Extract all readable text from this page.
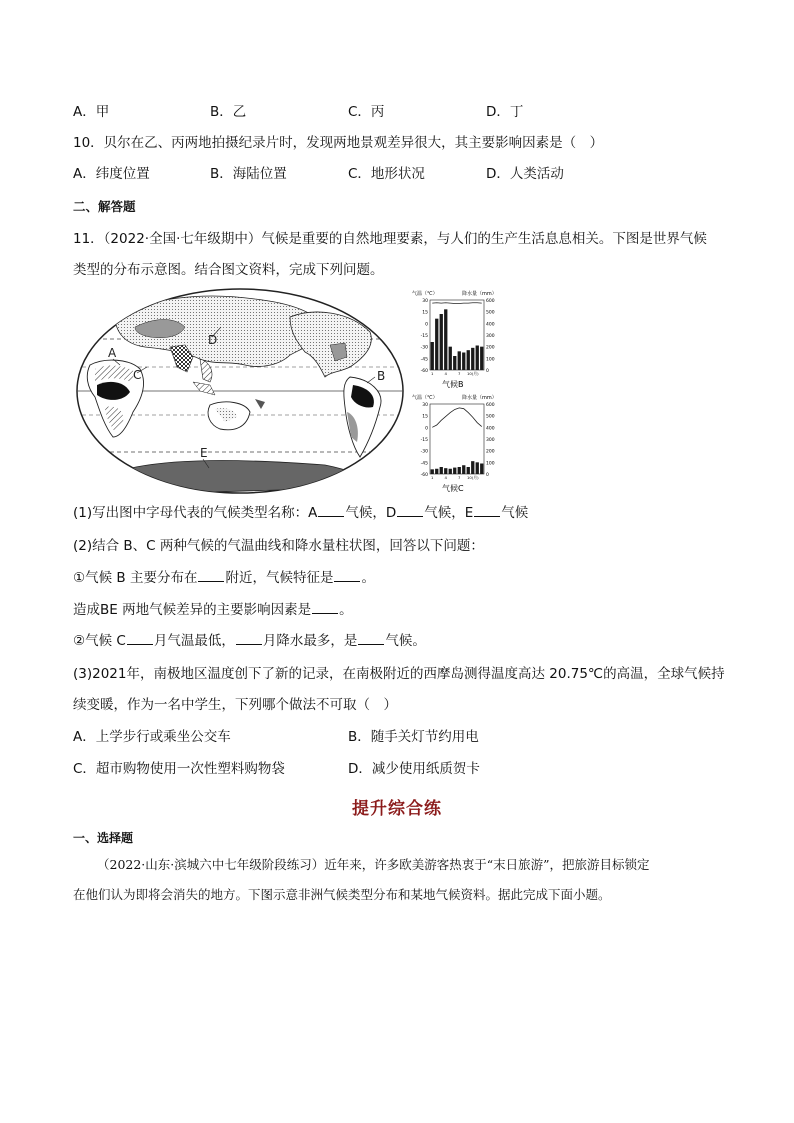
A．甲	B．乙	C．丙	D．丁
10．贝尔在乙、丙两地拍摄纪录片时，发现两地景观差异很大，其主要影响因素是（　）
A．纬度位置	B．海陆位置	C．地形状况	D．人类活动
二、解答题
11．（2022·全国·七年级期中）气候是重要的自然地理要素，与人们的生产生活息息相关。下图是世界气候
类型的分布示意图。结合图文资料，完成下列问题。
A
B
C
D
E
气温（℃）	降水量（mm）
30
15
0
-15
-30
-45
-60
600
500
400
300
200
100
0
1	4	7 10(月)
气候B
气温（℃）	降水量（mm）
30
15
0
-15
-30
-45
-60
600
500
400
300
200
100
0
1	4	7 10(月)
气候C
(1)写出图中字母代表的气候类型名称：A 气候，D 气候，E 气候
(2)结合 B、C 两种气候的气温曲线和降水量柱状图，回答以下问题：
①气候 B 主要分布在 附近，气候特征是 。
造成BE 两地气候差异的主要影响因素是 。
②气候 C 月气温最低， 月降水最多，是 气候。
(3)2021年，南极地区温度创下了新的记录，在南极附近的西摩岛测得温度高达 20.75℃的高温，全球气候持
续变暖，作为一名中学生，下列哪个做法不可取（　）
A．上学步行或乘坐公交车	B．随手关灯节约用电
C．超市购物使用一次性塑料购物袋	D．减少使用纸质贺卡
提升综合练
一、选择题
（2022·山东·滨城六中七年级阶段练习）近年来，许多欧美游客热衷于“末日旅游”，把旅游目标锁定
在他们认为即将会消失的地方。下图示意非洲气候类型分布和某地气候资料。据此完成下面小题。
